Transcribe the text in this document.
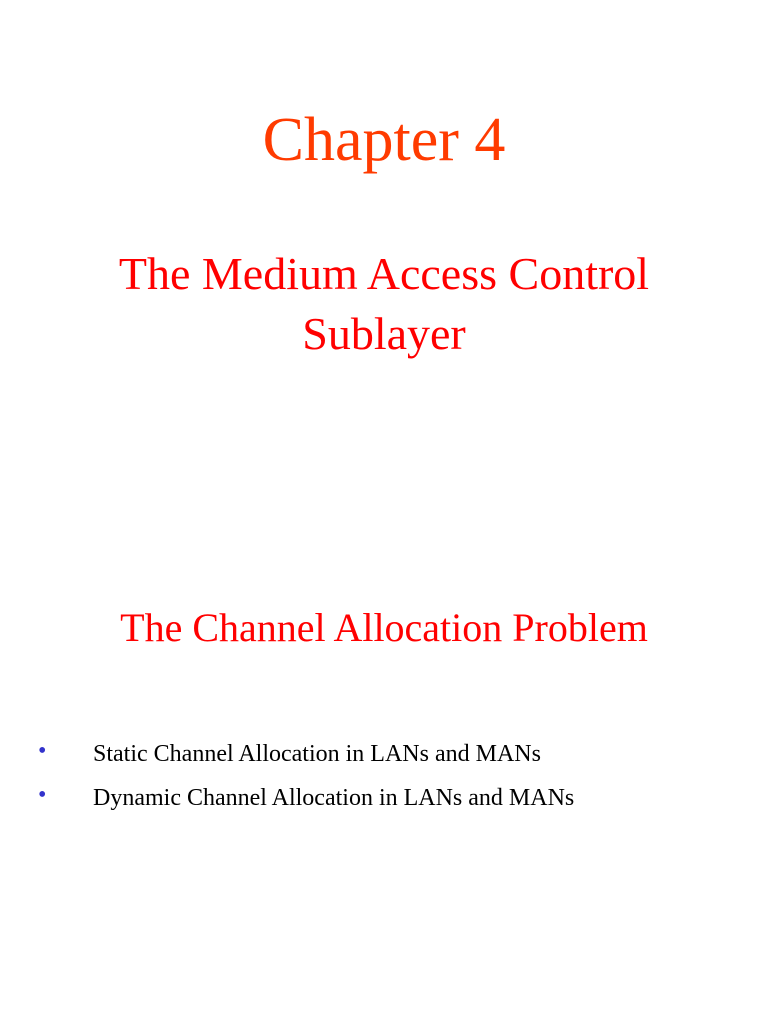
Chapter 4
The Medium Access Control
Sublayer
The Channel Allocation Problem
• Static Channel Allocation in LANs and MANs
• Dynamic Channel Allocation in LANs and MANs
